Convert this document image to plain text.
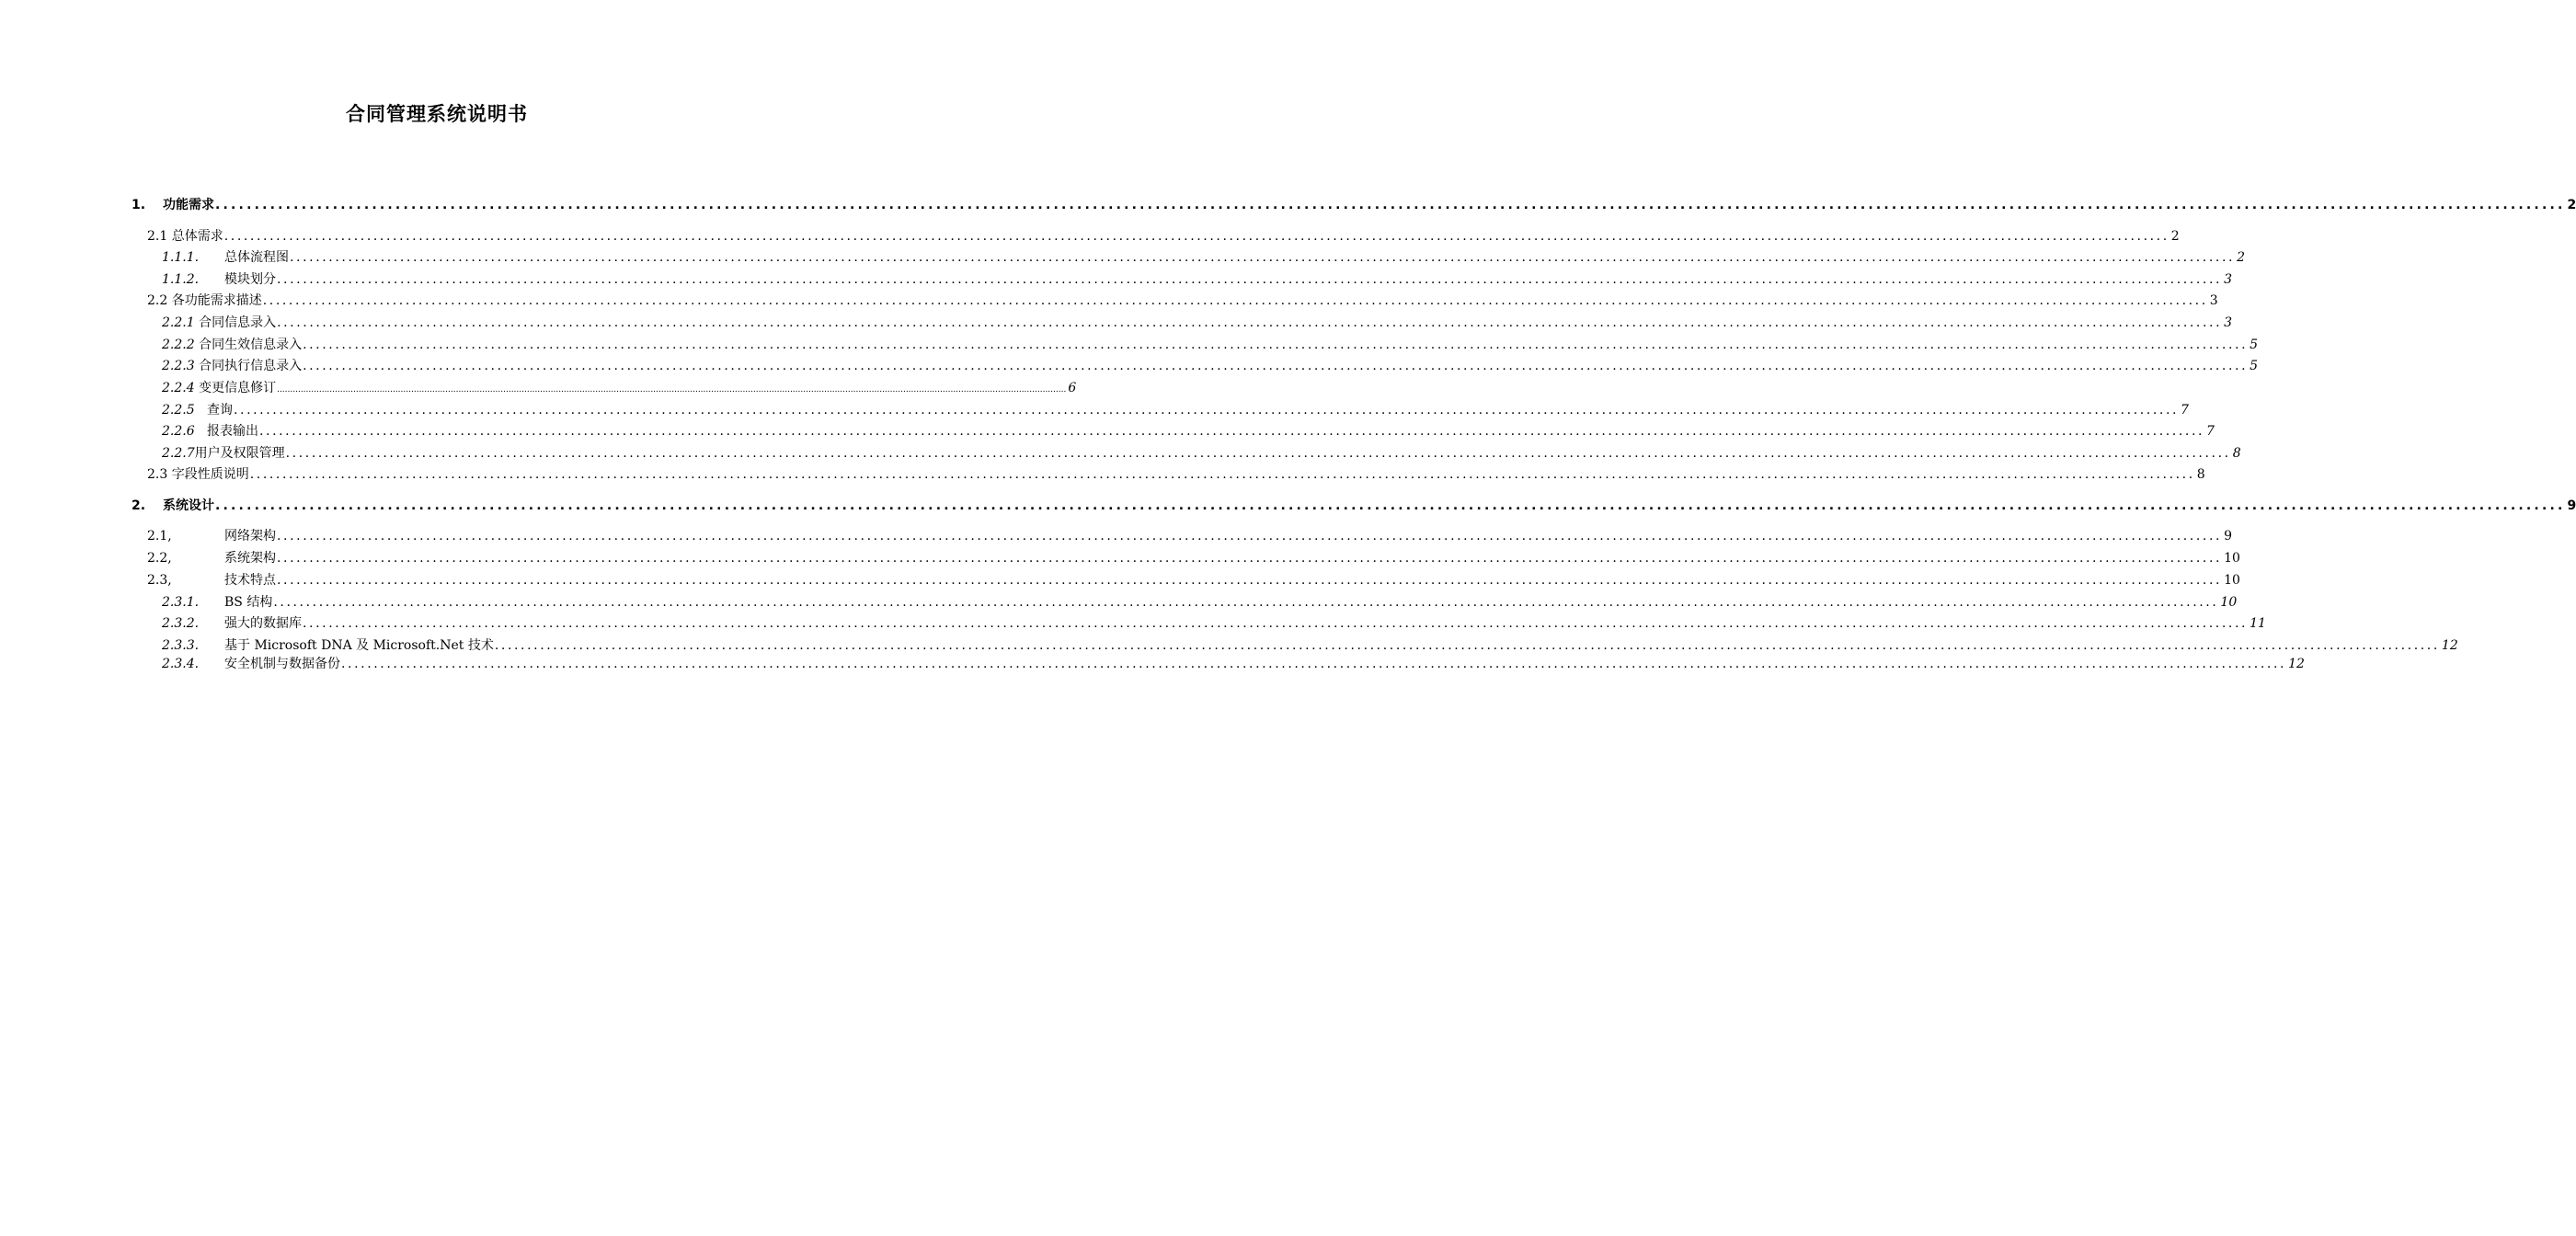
合同管理系统说明书
1. 功能需求 ............................................................................................................................................................................................................................................................................................................ 2
2.1 总体需求 ............................................................................................................................................................................................................................................................................................................ 2
1.1.1. 总体流程图 ............................................................................................................................................................................................................................................................................................................ 2
1.1.2. 模块划分 ............................................................................................................................................................................................................................................................................................................ 3
2.2 各功能需求描述 ............................................................................................................................................................................................................................................................................................................ 3
2.2.1 合同信息录入 ............................................................................................................................................................................................................................................................................................................ 3
2.2.2 合同生效信息录入 ............................................................................................................................................................................................................................................................................................................ 5
2.2.3 合同执行信息录入 ............................................................................................................................................................................................................................................................................................................ 5
2.2.4 变更信息修订 ............................................................................................................................................................................................................................................................................................................ 6
2.2.5 查询 ............................................................................................................................................................................................................................................................................................................ 7
2.2.6 报表输出 ............................................................................................................................................................................................................................................................................................................ 7
2.2.7用户及权限管理 ............................................................................................................................................................................................................................................................................................................ 8
2.3 字段性质说明 ............................................................................................................................................................................................................................................................................................................ 8
2. 系统设计 ............................................................................................................................................................................................................................................................................................................ 9
2.1,	网络架构 ............................................................................................................................................................................................................................................................................................................ 9
2.2,	系统架构 ............................................................................................................................................................................................................................................................................................................ 10
2.3,	技术特点 ............................................................................................................................................................................................................................................................................................................ 10
2.3.1. BS 结构 ............................................................................................................................................................................................................................................................................................................ 10
2.3.2. 强大的数据库 ............................................................................................................................................................................................................................................................................................................ 11
2.3.3. 基于 Microsoft DNA 及 Microsoft.Net 技术 ............................................................................................................................................................................................................................................................................................................ 12
2.3.4. 安全机制与数据备份 ............................................................................................................................................................................................................................................................................................................ 12
